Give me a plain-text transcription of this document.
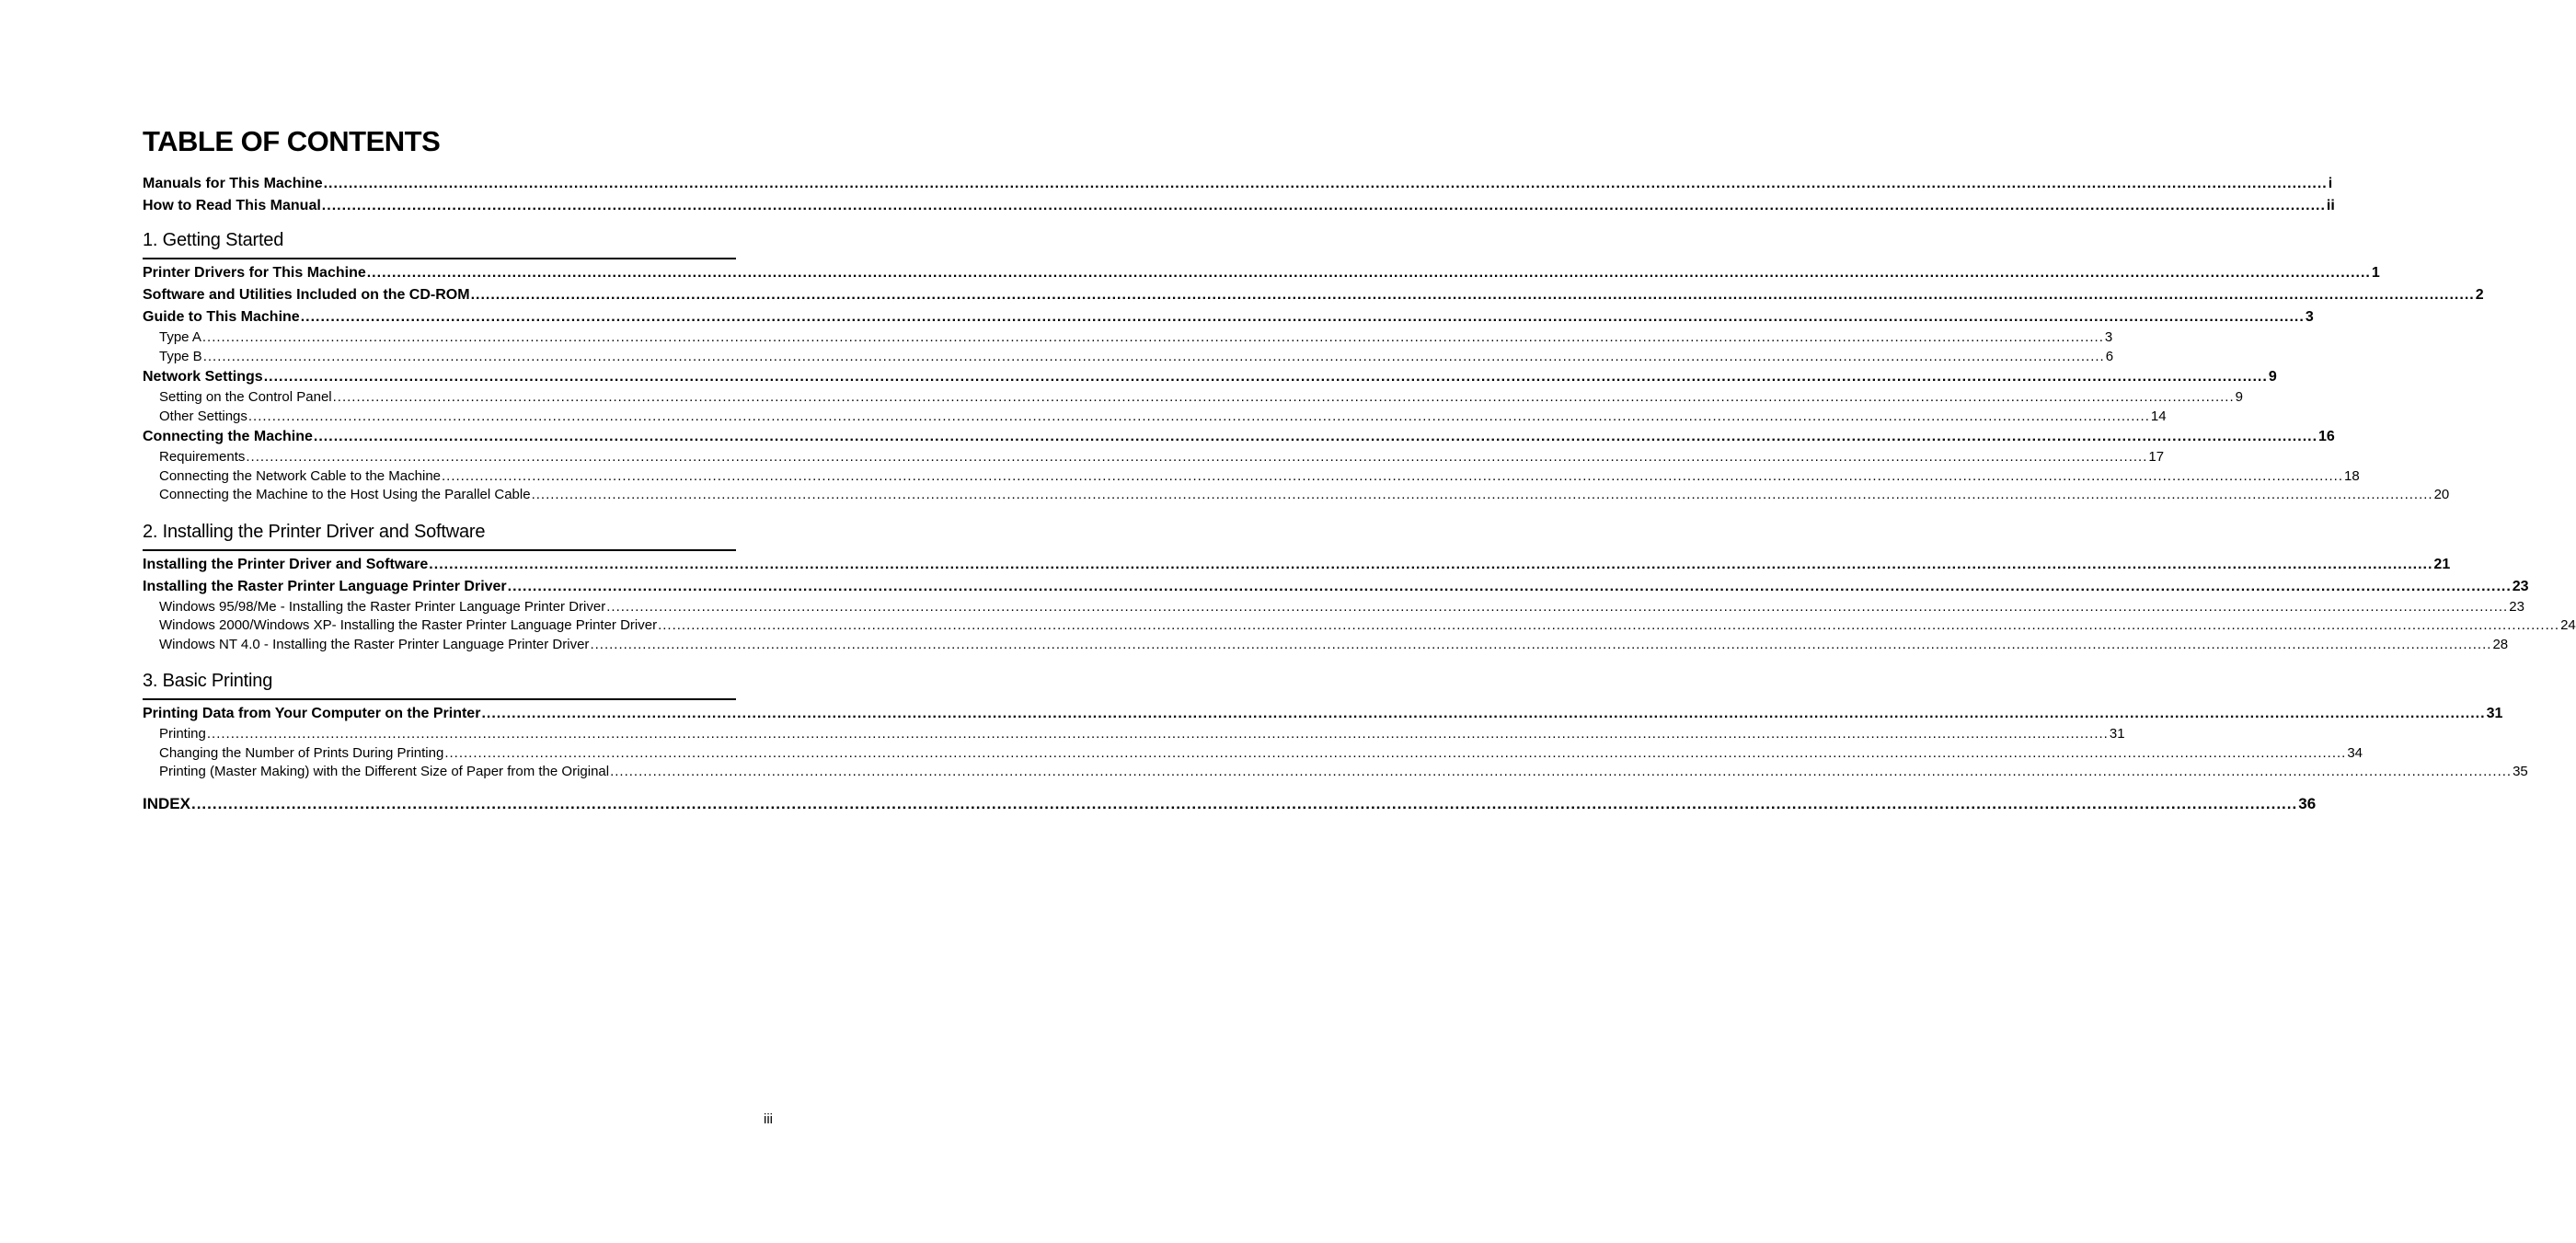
TABLE OF CONTENTS
Manuals for This Machine ................................................................................................................................................................................................................................................................................................................................................................................................................ i
How to Read This Manual ................................................................................................................................................................................................................................................................................................................................................................................................................ ii
1. Getting Started
Printer Drivers for This Machine ................................................................................................................................................................................................................................................................................................................................................................................................................ 1
Software and Utilities Included on the CD-ROM ................................................................................................................................................................................................................................................................................................................................................................................................................ 2
Guide to This Machine ................................................................................................................................................................................................................................................................................................................................................................................................................ 3
Type A ................................................................................................................................................................................................................................................................................................................................................................................................................ 3
Type B ................................................................................................................................................................................................................................................................................................................................................................................................................ 6
Network Settings ................................................................................................................................................................................................................................................................................................................................................................................................................ 9
Setting on the Control Panel ................................................................................................................................................................................................................................................................................................................................................................................................................ 9
Other Settings ................................................................................................................................................................................................................................................................................................................................................................................................................ 14
Connecting the Machine ................................................................................................................................................................................................................................................................................................................................................................................................................ 16
Requirements ................................................................................................................................................................................................................................................................................................................................................................................................................ 17
Connecting the Network Cable to the Machine ................................................................................................................................................................................................................................................................................................................................................................................................................ 18
Connecting the Machine to the Host Using the Parallel Cable ................................................................................................................................................................................................................................................................................................................................................................................................................ 20
2. Installing the Printer Driver and Software
Installing the Printer Driver and Software ................................................................................................................................................................................................................................................................................................................................................................................................................ 21
Installing the Raster Printer Language Printer Driver ................................................................................................................................................................................................................................................................................................................................................................................................................ 23
Windows 95/98/Me - Installing the Raster Printer Language Printer Driver ................................................................................................................................................................................................................................................................................................................................................................................................................ 23
Windows 2000/Windows XP- Installing the Raster Printer Language Printer Driver ................................................................................................................................................................................................................................................................................................................................................................................................................ 24
Windows NT 4.0 - Installing the Raster Printer Language Printer Driver ................................................................................................................................................................................................................................................................................................................................................................................................................ 28
3. Basic Printing
Printing Data from Your Computer on the Printer ................................................................................................................................................................................................................................................................................................................................................................................................................ 31
Printing ................................................................................................................................................................................................................................................................................................................................................................................................................ 31
Changing the Number of Prints During Printing ................................................................................................................................................................................................................................................................................................................................................................................................................ 34
Printing (Master Making) with the Different Size of Paper from the Original ................................................................................................................................................................................................................................................................................................................................................................................................................ 35
INDEX ................................................................................................................................................................................................................................................................................................................................................................................................................ 36
iii
